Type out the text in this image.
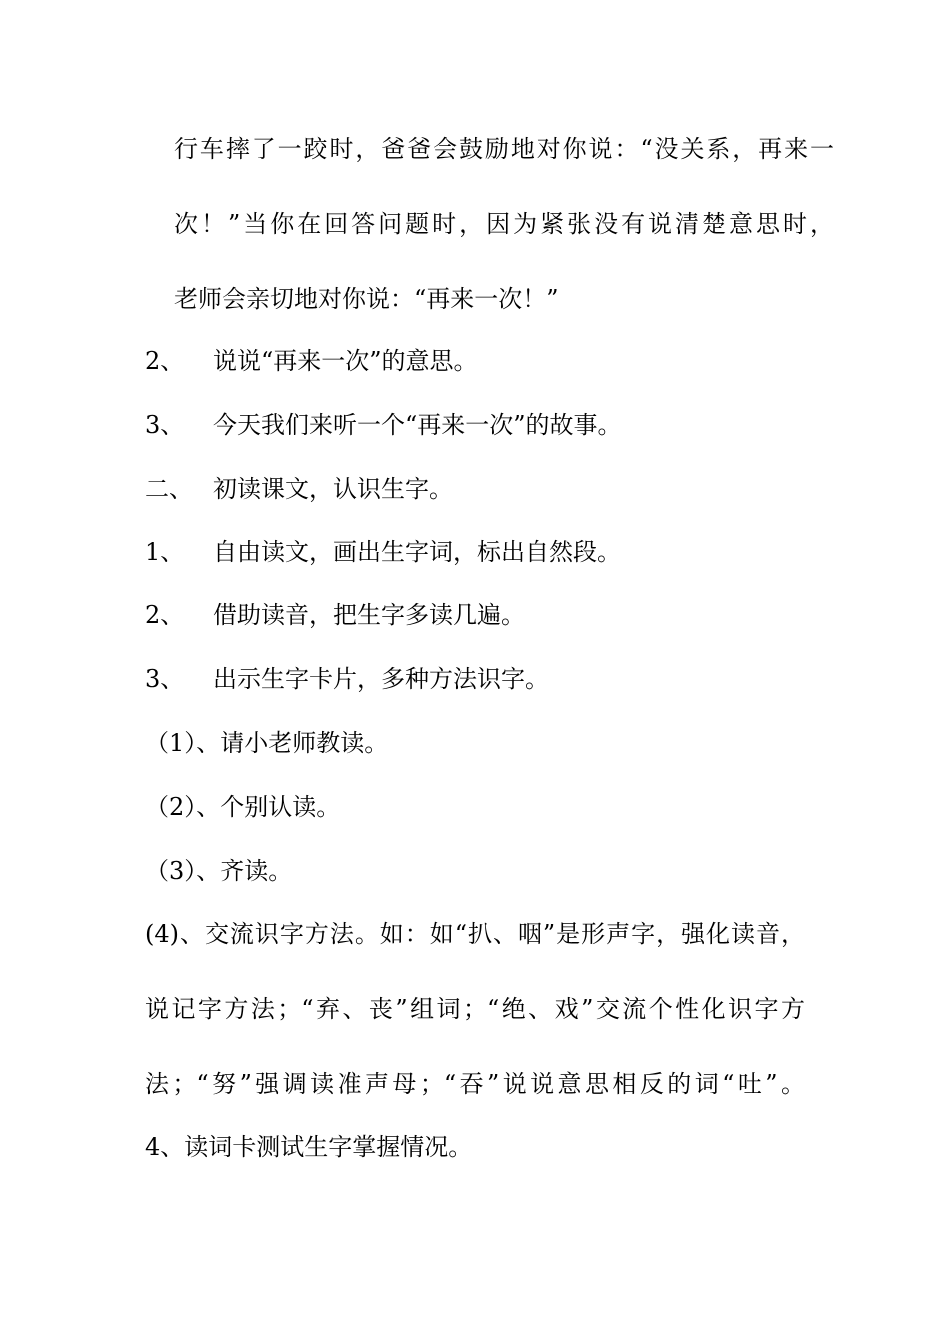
行车摔了一跤时，爸爸会鼓励地对你说：“没关系，再来一
次！”当你在回答问题时，因为紧张没有说清楚意思时，
老师会亲切地对你说：“再来一次！”
2、 说说“再来一次”的意思。
3、 今天我们来听一个“再来一次”的故事。
二、 初读课文，认识生字。
1、 自由读文，画出生字词，标出自然段。
2、 借助读音，把生字多读几遍。
3、 出示生字卡片，多种方法识字。
（1）、请小老师教读。
（2）、个别认读。
（3）、齐读。
(4)、交流识字方法。如：如“扒、咽”是形声字，强化读音，
说记字方法；“弃、丧”组词；“绝、戏”交流个性化识字方
法；“努”强调读准声母；“吞”说说意思相反的词“吐”。
4、读词卡测试生字掌握情况。
